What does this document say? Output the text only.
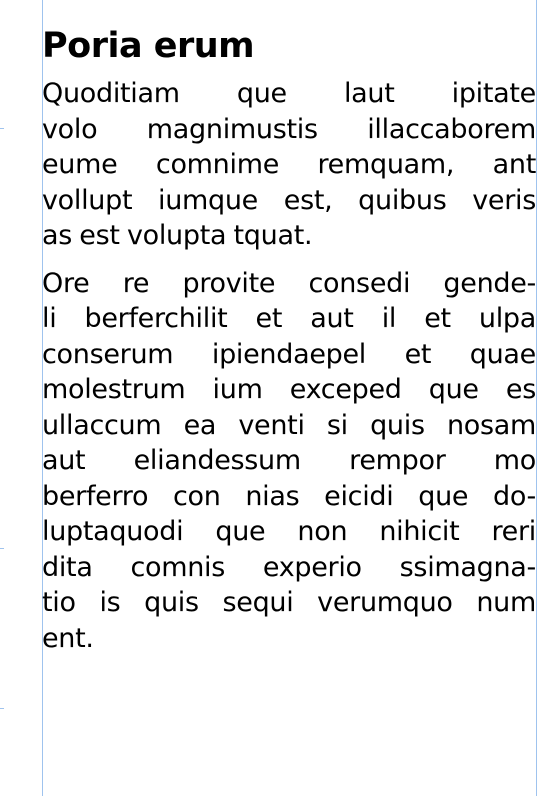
Poria erum

Quoditiam que laut ipitate
volo magnimustis illaccaborem
eume comnime remquam, ant
vollupt iumque est, quibus veris
as est volupta tquat.

Ore re provite consedi gende-
li berferchilit et aut il et ulpa
conserum ipiendaepel et quae
molestrum ium exceped que es
ullaccum ea venti si quis nosam
aut eliandessum rempor mo
berferro con nias eicidi que do-
luptaquodi que non nihicit reri
dita comnis experio ssimagna-
tio is quis sequi verumquo num
ent.
